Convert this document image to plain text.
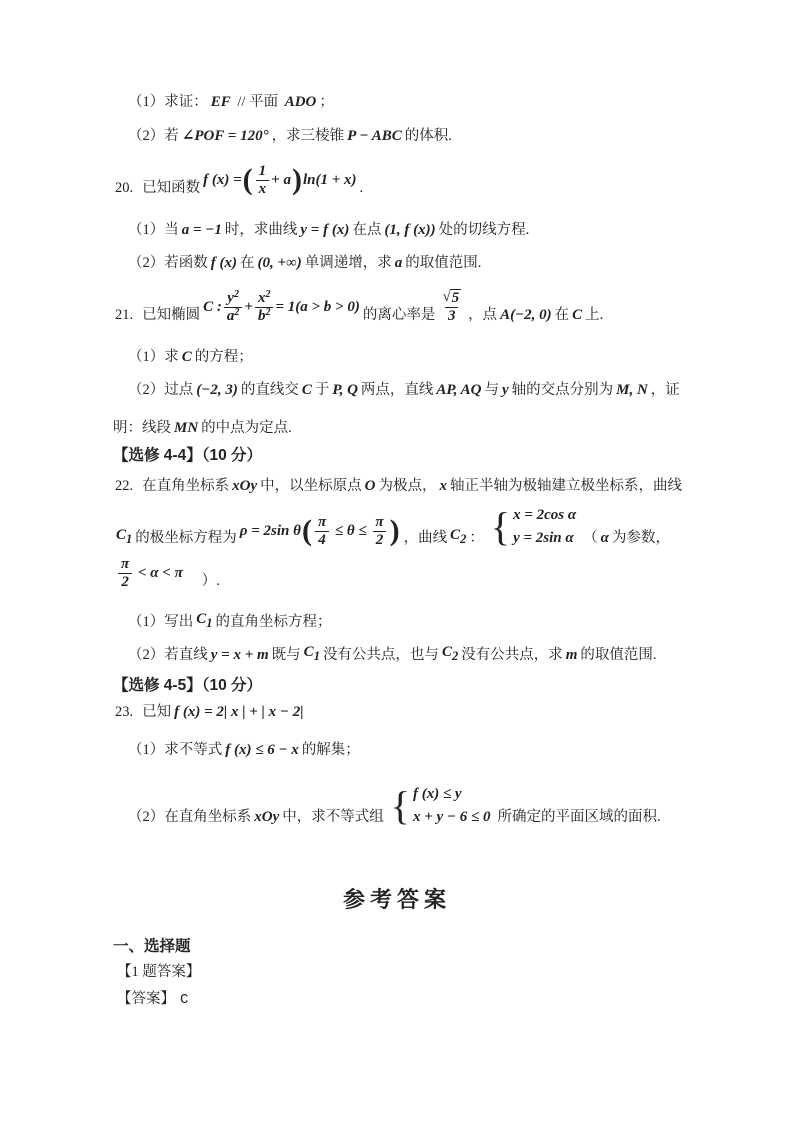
（1）求证： EF // 平面 ADO ；
（2）若 ∠POF = 120° ，求三棱锥 P − ABC 的体积.
20. 已知函数 f (x) = ( $\frac{1}{x} + a$ ) ln(1 + x) .
（1）当 a = −1 时，求曲线 y = f (x) 在点 (1, f (x)) 处的切线方程.
（2）若函数 f (x) 在 (0, +∞) 单调递增，求 a 的取值范围.
21. 已知椭圆 C : $\frac{y^2}{a^2} + \frac{x^2}{b^2} = 1(a > b > 0)$ 的离心率是 $\frac{√ 5}{3}$ ，点 A(−2, 0) 在 C 上.
（1）求 C 的方程；
（2）过点 (−2, 3) 的直线交 C 于 P, Q 两点，直线 AP, AQ 与 y 轴的交点分别为 M, N ，证
明：线段 MN 的中点为定点.
【选修 4-4】（10 分）
22. 在直角坐标系 xOy 中，以坐标原点 O 为极点， x 轴正半轴为极轴建立极坐标系，曲线
$C_1$ 的极坐标方程为 ρ = 2sin θ ( $\frac{\pi}{4} \le \theta \le \frac{\pi}{2}$ ) ，曲线 $C_2$ ： { x = 2cos α
y = 2sin α （ α 为参数，
$\frac{\pi}{2} < \alpha < \pi$ ）.
（1）写出 $C_1$ 的直角坐标方程；
（2）若直线 y = x + m 既与 $C_1$ 没有公共点，也与 $C_2$ 没有公共点，求 m 的取值范围.
【选修 4-5】（10 分）
23. 已知 f (x) = 2| x | + | x − 2|
（1）求不等式 f (x) ≤ 6 − x 的解集；
（2）在直角坐标系 xOy 中，求不等式组 { f (x) ≤ y
x + y − 6 ≤ 0 所确定的平面区域的面积.
参考答案
一、选择题
【1 题答案】
【答案】 C
